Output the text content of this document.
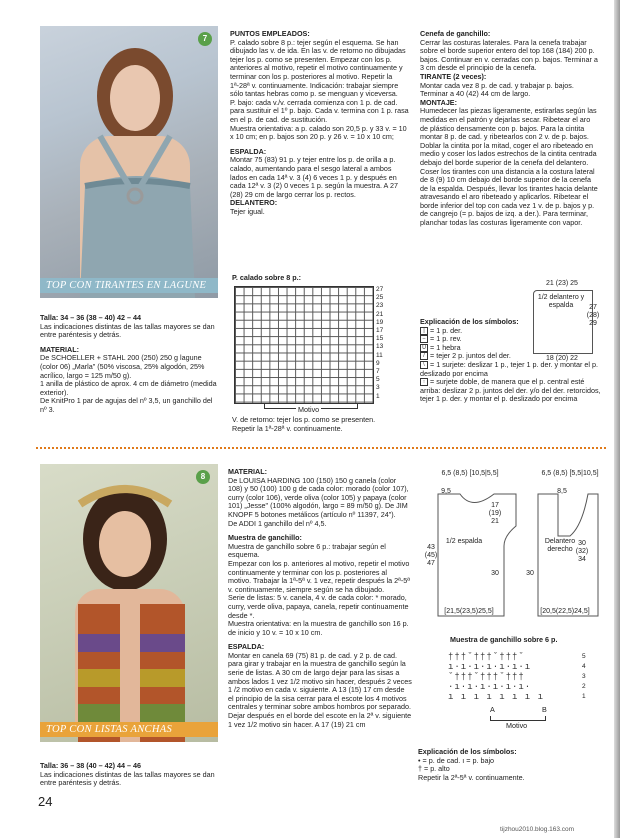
7
TOP CON TIRANTES EN LAGUNE
Talla: 34 – 36 (38 – 40) 42 – 44
Las indicaciones distintas de las tallas mayores se dan entre paréntesis y detrás.
MATERIAL:
De SCHOELLER + STAHL 200 (250) 250 g lagune (color 06) „Marla" (50% viscosa, 25% algodón, 25% acrílico, largo = 125 m/50 g).
1 anilla de plástico de aprox. 4 cm de diámetro (medida exterior).
De KnitPro 1 par de agujas del nº 3,5, un ganchillo del nº 3.
PUNTOS EMPLEADOS:
P. calado sobre 8 p.: tejer según el esquema. Se han dibujado las v. de ida. En las v. de retorno no dibujadas tejer los p. como se presenten. Empezar con los p. anteriores al motivo, repetir el motivo continuamente y terminar con los p. posteriores al motivo. Repetir la 1ª-28ª v. continuamente. Indicación: trabajar siempre sólo tantas hebras como p. se menguan y viceversa.
P. bajo: cada v./v. cerrada comienza con 1 p. de cad. para sustituir el 1º p. bajo. Cada v. termina con 1 p. rasa en el p. de cad. de sustitución.
Muestra orientativa: a p. calado son 20,5 p. y 33 v. = 10 x 10 cm; en p. bajos son 20 p. y 26 v. = 10 x 10 cm;
ESPALDA:
Montar 75 (83) 91 p. y tejer entre los p. de orilla a p. calado, aumentando para el sesgo lateral a ambos lados en cada 14ª v. 3 (4) 6 veces 1 p. y después en cada 12ª v. 3 (2) 0 veces 1 p. según la muestra. A 27 (28) 29 cm de largo cerrar los p. rectos.
DELANTERO:
Tejer igual.
P. calado sobre 8 p.:
27
25
23
21
19
17
15
13
11
9
7
5
3
1
Motivo
V. de retorno: tejer los p. como se presenten.
Repetir la 1ª-28ª v. continuamente.
Cenefa de ganchillo:
Cerrar las costuras laterales. Para la cenefa trabajar sobre el borde superior entero del top 168 (184) 200 p. bajos. Continuar en v. cerradas con p. bajos. Terminar a 3 cm desde el principio de la cenefa.
TIRANTE (2 veces):
Montar cada vez 8 p. de cad. y trabajar p. bajos. Terminar a 40 (42) 44 cm de largo.
MONTAJE:
Humedecer las piezas ligeramente, estirarlas según las medidas en el patrón y dejarlas secar. Ribetear el aro de plástico densamente con p. bajos. Para la cintita montar 8 p. de cad. y ribetearlos con 2 v. de p. bajos. Doblar la cintita por la mitad, coger el aro ribeteado en medio y coser los lados estrechos de la cintita centrada debajo del borde superior de la cenefa del delantero. Coser los tirantes con una distancia a la costura lateral de 8 (9) 10 cm debajo del borde superior de la cenefa de la espalda. Después, llevar los tirantes hacia delante atravesando el aro ribeteado y aplicarlos. Ribetear el borde inferior del top con cada vez 1 v. de p. bajos y p. de cangrejo (= p. bajos de izq. a der.). Para terminar, planchar todas las costuras ligeramente con vapor.
21 (23) 25
1/2 delantero y espalda	27 (28) 29
18 (20) 22
Explicación de los símbolos:
| = 1 p. der.
– = 1 p. rev.
U = 1 hebra
/ = tejer 2 p. juntos del der.
\ = 1 surjete: deslizar 1 p., tejer 1 p. der. y montar el p. deslizado por encima
↑ = surjete doble, de manera que el p. central esté arriba: deslizar 2 p. juntos del der. y/o del der. retorcidos, tejer 1 p. der. y montar el p. deslizado por encima
8
TOP CON LISTAS ANCHAS
Talla: 36 – 38 (40 – 42) 44 – 46
Las indicaciones distintas de las tallas mayores se dan entre paréntesis y detrás.
MATERIAL:
De LOUISA HARDING 100 (150) 150 g canela (color 108) y 50 (100) 100 g de cada color: morado (color 107), curry (color 106), verde oliva (color 105) y papaya (color 101) „Jesse" (100% algodón, largo = 89 m/50 g). De JIM KNOPF 5 botones metálicos (artículo nº 11397, 24").
De ADDI 1 ganchillo del nº 4,5.
Muestra de ganchillo:
Muestra de ganchillo sobre 6 p.: trabajar según el esquema.
Empezar con los p. anteriores al motivo, repetir el motivo continuamente y terminar con los p. posteriores al motivo. Trabajar la 1ª-5ª v. 1 vez, repetir después la 2ª-5ª v. continuamente, siempre según se ha dibujado.
Serie de listas: 5 v. canela, 4 v. de cada color: * morado, curry, verde oliva, papaya, canela, repetir continuamente desde *.
Muestra orientativa: en la muestra de ganchillo son 16 p. de inicio y 10 v. = 10 x 10 cm.
ESPALDA:
Montar en canela 69 (75) 81 p. de cad. y 2 p. de cad. para girar y trabajar en la muestra de ganchillo según la serie de listas. A 30 cm de largo dejar para las sisas a ambos lados 1 vez 1/2 motivo sin hacer, después 2 veces 1 /2 motivo en cada v. siguiente. A 13 (15) 17 cm desde el principio de la sisa cerrar para el escote los 4 motivos centrales y terminar sobre ambos hombros por separado. Dejar después en el borde del escote en la 2ª v. siguiente 1 vez 1/2 motivo sin hacer. A 17 (19) 21 cm
6,5 (8,5) [10,5|5,5]	6,5 (8,5) [5,5|10,5]
9,5	8,5
17 (19) 21
30 (32) 34
30	30
43 (45) 47
1/2 espalda	Delantero derecho
[21,5(23,5)25,5]	[20,5(22,5)24,5]
Muestra de ganchillo sobre 6 p.
†††ˇ†††ˇ†††ˇ
ı·ı·ı·ı·ı·ı·ı
ˇ†††ˇ†††ˇ†††
·ı·ı·ı·ı·ı·ı·
ı ı ı ı ı ı ı ı
5
4
3
2
1
A	B
Motivo
Explicación de los símbolos:
• = p. de cad. ı = p. bajo
† = p. alto
Repetir la 2ª-5ª v. continuamente.
24
tijzhou2010.blog.163.com
